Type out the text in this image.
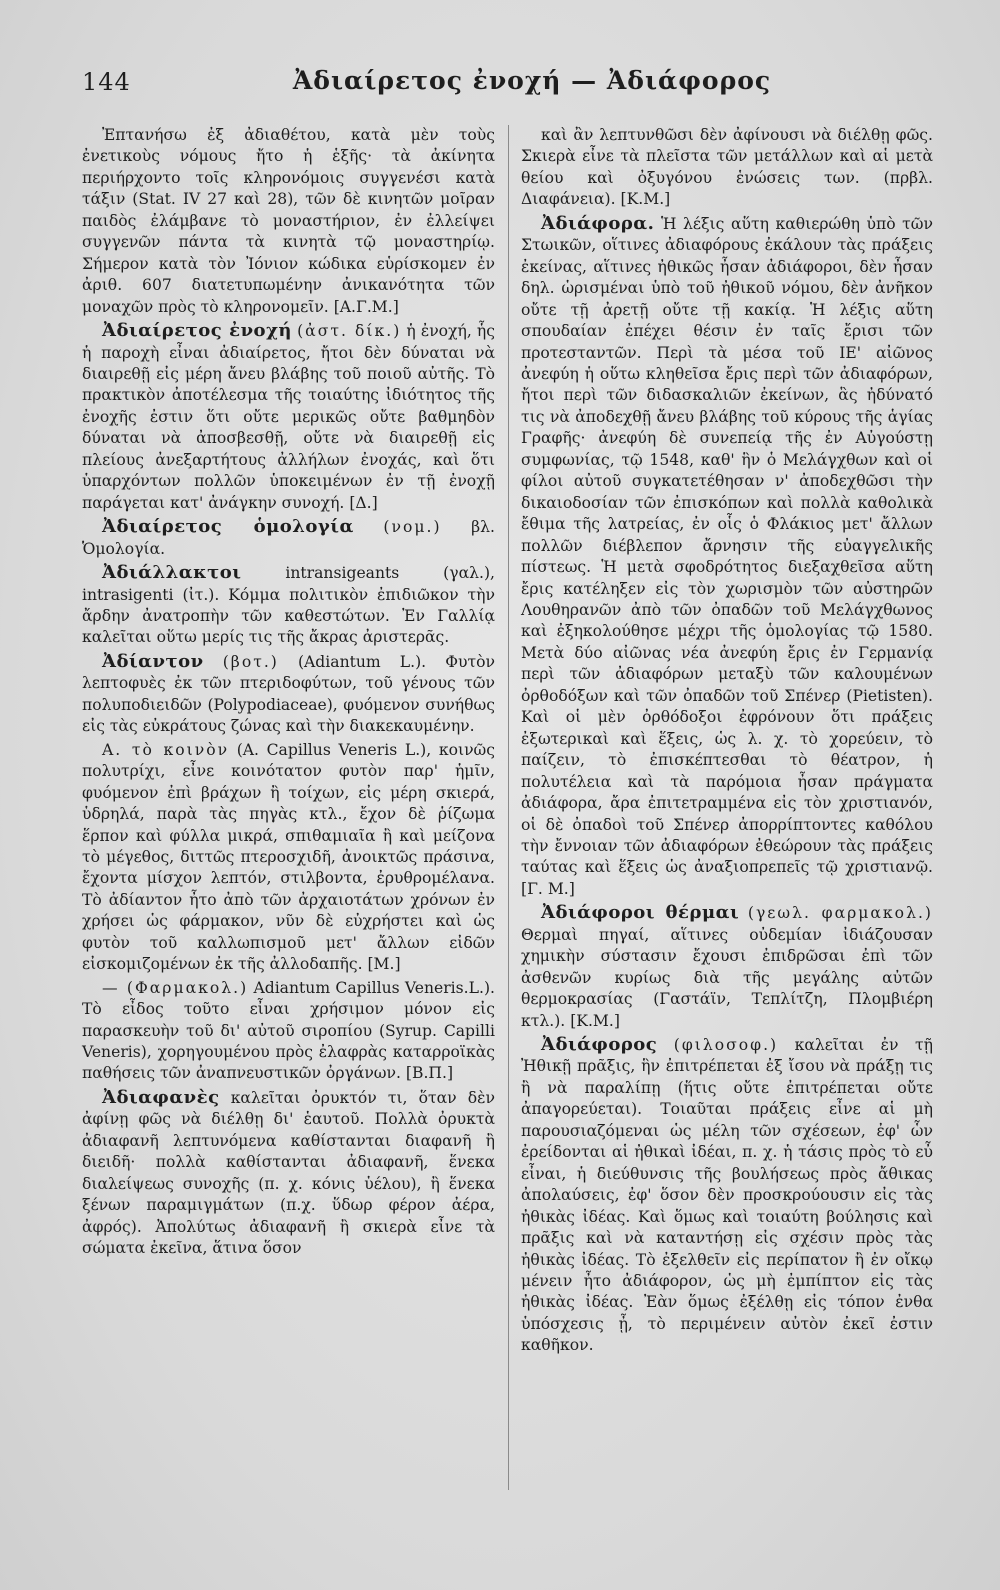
144	Ἀδιαίρετος ἐνοχή — Ἀδιάφορος

Ἐπτανήσω ἐξ ἀδιαθέτου, κατὰ μὲν τοὺς ἐνετικοὺς νόμους ἤτο ἡ ἑξῆς· τὰ ἀκίνητα περιήρχοντο τοῖς κληρονόμοις συγγενέσι κατὰ τάξιν (Stat. IV 27 καὶ 28), τῶν δὲ κινητῶν μοῖραν παιδὸς ἐλάμβανε τὸ μοναστήριον, ἐν ἐλλείψει συγγενῶν πάντα τὰ κινητὰ τῷ μοναστηρίῳ. Σήμερον κατὰ τὸν Ἰόνιον κώδικα εὑρίσκομεν ἐν ἀριθ. 607 διατετυπωμένην ἀνικανότητα τῶν μοναχῶν πρὸς τὸ κληρονομεῖν. [Α.Γ.Μ.]

Ἀδιαίρετος ἐνοχή (ἀστ. δίκ.) ἡ ἐνοχή, ἧς ἡ παροχὴ εἶναι ἀδιαίρετος, ἤτοι δὲν δύναται νὰ διαιρεθῇ εἰς μέρη ἄνευ βλάβης τοῦ ποιοῦ αὐτῆς. Τὸ πρακτικὸν ἀποτέλεσμα τῆς τοιαύτης ἰδιότητος τῆς ἐνοχῆς ἐστιν ὅτι οὔτε μερικῶς οὔτε βαθμηδὸν δύναται νὰ ἀποσβεσθῇ, οὔτε νὰ διαιρεθῇ εἰς πλείους ἀνεξαρτήτους ἀλλήλων ἐνοχάς, καὶ ὅτι ὑπαρχόντων πολλῶν ὑποκειμένων ἐν τῇ ἐνοχῇ παράγεται κατ' ἀνάγκην συνοχή. [Δ.]

Ἀδιαίρετος ὁμολογία (νομ.) βλ. Ὁμολογία.

Ἀδιάλλακτοι	intransigeants (γαλ.), intrasigenti (ἰτ.). Κόμμα πολιτικὸν ἐπιδιῶκον τὴν ἄρδην ἀνατροπὴν τῶν καθεστώτων. Ἐν Γαλλίᾳ καλεῖται οὕτω μερίς τις τῆς ἄκρας ἀριστερᾶς.

Ἀδίαντον (βοτ.) (Adiantum L.). Φυτὸν λεπτοφυὲς ἐκ τῶν πτεριδοφύτων, τοῦ γένους τῶν πολυποδιειδῶν (Polypodiaceae), φυόμενον συνήθως εἰς τὰς εὐκράτους ζώνας καὶ τὴν διακεκαυμένην.

Α. τὸ κοινὸν (A. Capillus Veneris L.), κοινῶς πολυτρίχι, εἶνε κοινότατον φυτὸν παρ' ἡμῖν, φυόμενον ἐπὶ βράχων ἢ τοίχων, εἰς μέρη σκιερά, ὑδρηλά, παρὰ τὰς πηγὰς κτλ., ἔχον δὲ ῥίζωμα ἕρπον καὶ φύλλα μικρά, σπιθαμιαῖα ἢ καὶ μείζονα τὸ μέγεθος, διττῶς πτεροσχιδῆ, ἀνοικτῶς πράσινα, ἔχοντα μίσχον λεπτόν, στιλβοντα, ἐρυθρομέλανα. Τὸ ἀδίαντον ἦτο ἀπὸ τῶν ἀρχαιοτάτων χρόνων ἐν χρήσει ὡς φάρμακον, νῦν δὲ εὐχρήστει καὶ ὡς φυτὸν τοῦ καλλωπισμοῦ μετ' ἄλλων εἰδῶν εἰσκομιζομένων ἐκ τῆς ἀλλοδαπῆς. [Μ.]

— (Φαρμακολ.) Adiantum Capillus Veneris.L.). Τὸ εἶδος τοῦτο εἶναι χρήσιμον μόνον εἰς παρασκευὴν τοῦ δι' αὐτοῦ σιροπίου (Syrup. Capilli Veneris), χορηγουμένου πρὸς ἐλαφρὰς καταρροϊκὰς παθήσεις τῶν ἀναπνευστικῶν ὀργάνων. [Β.Π.]

Ἀδιαφανὲς καλεῖται ὀρυκτόν τι, ὅταν δὲν ἀφίνῃ φῶς νὰ διέλθῃ δι' ἑαυτοῦ. Πολλὰ ὀρυκτὰ ἀδιαφανῆ λεπτυνόμενα καθίστανται διαφανῆ ἢ διειδῆ· πολλὰ καθίστανται ἀδιαφανῆ, ἕνεκα διαλείψεως συνοχῆς (π. χ. κόνις ὑέλου), ἢ ἕνεκα ξένων παραμιγμάτων (π.χ. ὕδωρ φέρον ἀέρα, ἀφρός). Ἀπολύτως ἀδιαφανῆ ἢ σκιερὰ εἶνε τὰ σώματα ἐκεῖνα, ἅτινα ὅσον

καὶ ἂν λεπτυνθῶσι δὲν ἀφίνουσι νὰ διέλθῃ φῶς. Σκιερὰ εἶνε τὰ πλεῖστα τῶν μετάλλων καὶ αἱ μετὰ θείου καὶ ὀξυγόνου ἑνώσεις των. (πρβλ. Διαφάνεια). [Κ.Μ.]

Ἀδιάφορα. Ἡ λέξις αὕτη καθιερώθη ὑπὸ τῶν Στωικῶν, οἵτινες ἀδιαφόρους ἐκάλουν τὰς πράξεις ἐκείνας, αἵτινες ἠθικῶς ἦσαν ἀδιάφοροι, δὲν ἦσαν δηλ. ὡρισμέναι ὑπὸ τοῦ ἠθικοῦ νόμου, δὲν ἀνῆκον οὔτε τῇ ἀρετῇ οὔτε τῇ κακίᾳ. Ἡ λέξις αὕτη σπουδαίαν ἐπέχει θέσιν ἐν ταῖς ἔρισι τῶν προτεσταντῶν. Περὶ τὰ μέσα τοῦ ΙΕ' αἰῶνος ἀνεφύη ἡ οὕτω κληθεῖσα ἔρις περὶ τῶν ἀδιαφόρων, ἤτοι περὶ τῶν διδασκαλιῶν ἐκείνων, ἃς ἠδύνατό τις νὰ ἀποδεχθῇ ἄνευ βλάβης τοῦ κύρους τῆς ἁγίας Γραφῆς· ἀνεφύη δὲ συνεπείᾳ τῆς ἐν Αὐγούστῃ συμφωνίας, τῷ 1548, καθ' ἣν ὁ Μελάγχθων καὶ οἱ φίλοι αὐτοῦ συγκατετέθησαν ν' ἀποδεχθῶσι τὴν δικαιοδοσίαν τῶν ἐπισκόπων καὶ πολλὰ καθολικὰ ἔθιμα τῆς λατρείας, ἐν οἷς ὁ Φλάκιος μετ' ἄλλων πολλῶν διέβλεπον ἄρνησιν τῆς εὐαγγελικῆς πίστεως. Ἡ μετὰ σφοδρότητος διεξαχθεῖσα αὕτη ἔρις κατέληξεν εἰς τὸν χωρισμὸν τῶν αὐστηρῶν Λουθηρανῶν ἀπὸ τῶν ὀπαδῶν τοῦ Μελάγχθωνος καὶ ἐξηκολούθησε μέχρι τῆς ὁμολογίας τῷ 1580. Μετὰ δύο αἰῶνας νέα ἀνεφύη ἔρις ἐν Γερμανίᾳ περὶ τῶν ἀδιαφόρων μεταξὺ τῶν καλουμένων ὀρθοδόξων καὶ τῶν ὀπαδῶν τοῦ Σπένερ (Pietisten). Καὶ οἱ μὲν ὀρθόδοξοι ἐφρόνουν ὅτι πράξεις ἐξωτερικαὶ καὶ ἕξεις, ὡς λ. χ. τὸ χορεύειν, τὸ παίζειν, τὸ ἐπισκέπτεσθαι τὸ θέατρον, ἡ πολυτέλεια καὶ τὰ παρόμοια ἦσαν πράγματα ἀδιάφορα, ἄρα ἐπιτετραμμένα εἰς τὸν χριστιανόν, οἱ δὲ ὀπαδοὶ τοῦ Σπένερ ἀπορρίπτοντες καθόλου τὴν ἔννοιαν τῶν ἀδιαφόρων ἐθεώρουν τὰς πράξεις ταύτας καὶ ἕξεις ὡς ἀναξιοπρεπεῖς τῷ χριστιανῷ. [Γ. Μ.]

Ἀδιάφοροι θέρμαι (γεωλ. φαρμακολ.) Θερμαὶ πηγαί, αἵτινες οὐδεμίαν ἰδιάζουσαν χημικὴν σύστασιν ἔχουσι ἐπιδρῶσαι ἐπὶ τῶν ἀσθενῶν κυρίως διὰ τῆς μεγάλης αὐτῶν θερμοκρασίας (Γαστάϊν, Τεπλίτζη, Πλομβιέρη κτλ.). [Κ.Μ.]

Ἀδιάφορος (φιλοσοφ.) καλεῖται ἐν τῇ Ἠθικῇ πρᾶξις, ἣν ἐπιτρέπεται ἐξ ἴσου νὰ πράξῃ τις ἢ νὰ παραλίπῃ (ἥτις οὔτε ἐπιτρέπεται οὔτε ἀπαγορεύεται). Τοιαῦται πράξεις εἶνε αἱ μὴ παρουσιαζόμεναι ὡς μέλη τῶν σχέσεων, ἐφ' ὧν ἐρείδονται αἱ ἠθικαὶ ἰδέαι, π. χ. ἡ τάσις πρὸς τὸ εὖ εἶναι, ἡ διεύθυνσις τῆς βουλήσεως πρὸς ἄθικας ἀπολαύσεις, ἐφ' ὅσον δὲν προσκρούουσιν εἰς τὰς ἠθικὰς ἰδέας. Καὶ ὅμως καὶ τοιαύτη βούλησις καὶ πρᾶξις καὶ νὰ καταντήσῃ εἰς σχέσιν πρὸς τὰς ἠθικὰς ἰδέας. Τὸ ἐξελθεῖν εἰς περίπατον ἢ ἐν οἴκῳ μένειν ἦτο ἀδιάφορον, ὡς μὴ ἐμπίπτον εἰς τὰς ἠθικὰς ἰδέας. Ἐὰν ὅμως ἐξέλθῃ εἰς τόπον ἐνθα ὑπόσχεσις ᾖ, τὸ περιμένειν αὐτὸν ἐκεῖ ἐστιν καθῆκον.
